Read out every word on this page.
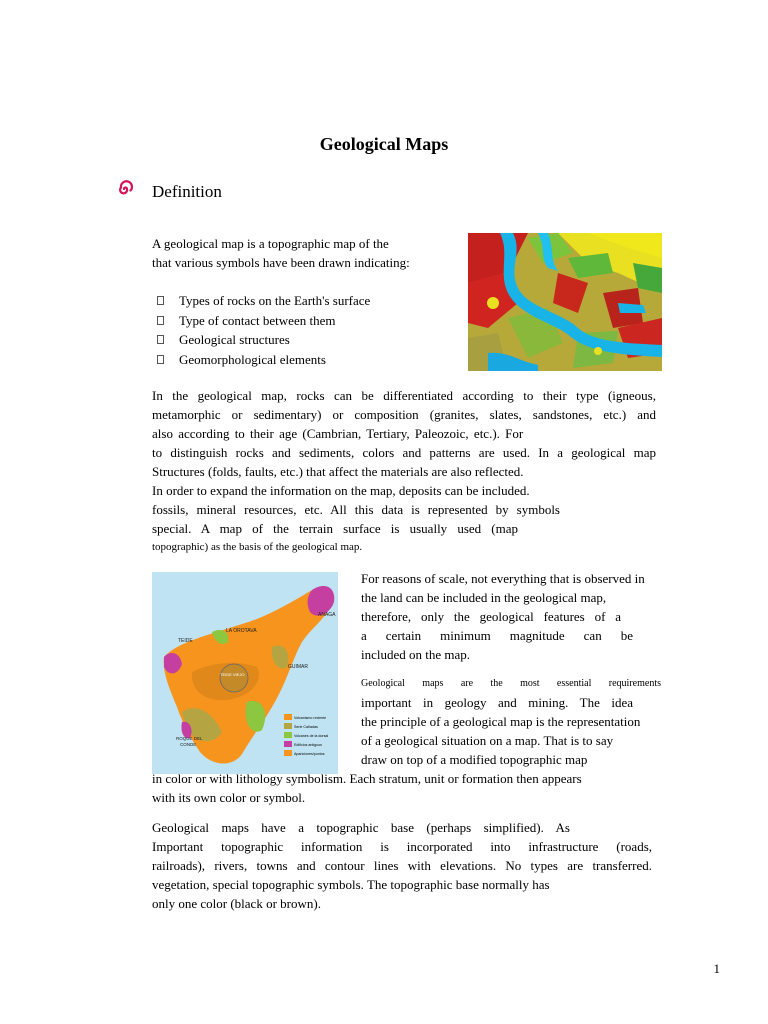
Geological Maps
Definition
A geological map is a topographic map of the
that various symbols have been drawn indicating:
Types of rocks on the Earth's surface
Type of contact between them
Geological structures
Geomorphological elements
In the geological map, rocks can be differentiated according to their type (igneous,
metamorphic or sedimentary) or composition (granites, slates, sandstones, etc.) and
also according to their age (Cambrian, Tertiary, Paleozoic, etc.). For
to distinguish rocks and sediments, colors and patterns are used. In a geological map
Structures (folds, faults, etc.) that affect the materials are also reflected.
In order to expand the information on the map, deposits can be included.
fossils, mineral resources, etc. All this data is represented by symbols
special. A map of the terrain surface is usually used (map
topographic) as the basis of the geological map.
ANAGA
LA OROTAVA
TEIDE
GUIMAR
TEIDE VIEJO
ROQUE DEL
CONDE
Volcanismo reciente
Serie Cañadas
Volcanes de la dorsal
Edificios antiguos
Apariciones/puntos
For reasons of scale, not everything that is observed in
the land can be included in the geological map,
therefore, only the geological features of a
a certain minimum magnitude can be
included on the map.
Geological maps are the most essential requirements
important in geology and mining. The idea
the principle of a geological map is the representation
of a geological situation on a map. That is to say
draw on top of a modified topographic map
in color or with lithology symbolism. Each stratum, unit or formation then appears
with its own color or symbol.
Geological maps have a topographic base (perhaps simplified). As
Important topographic information is incorporated into infrastructure (roads,
railroads), rivers, towns and contour lines with elevations. No types are transferred.
vegetation, special topographic symbols. The topographic base normally has
only one color (black or brown).
1
